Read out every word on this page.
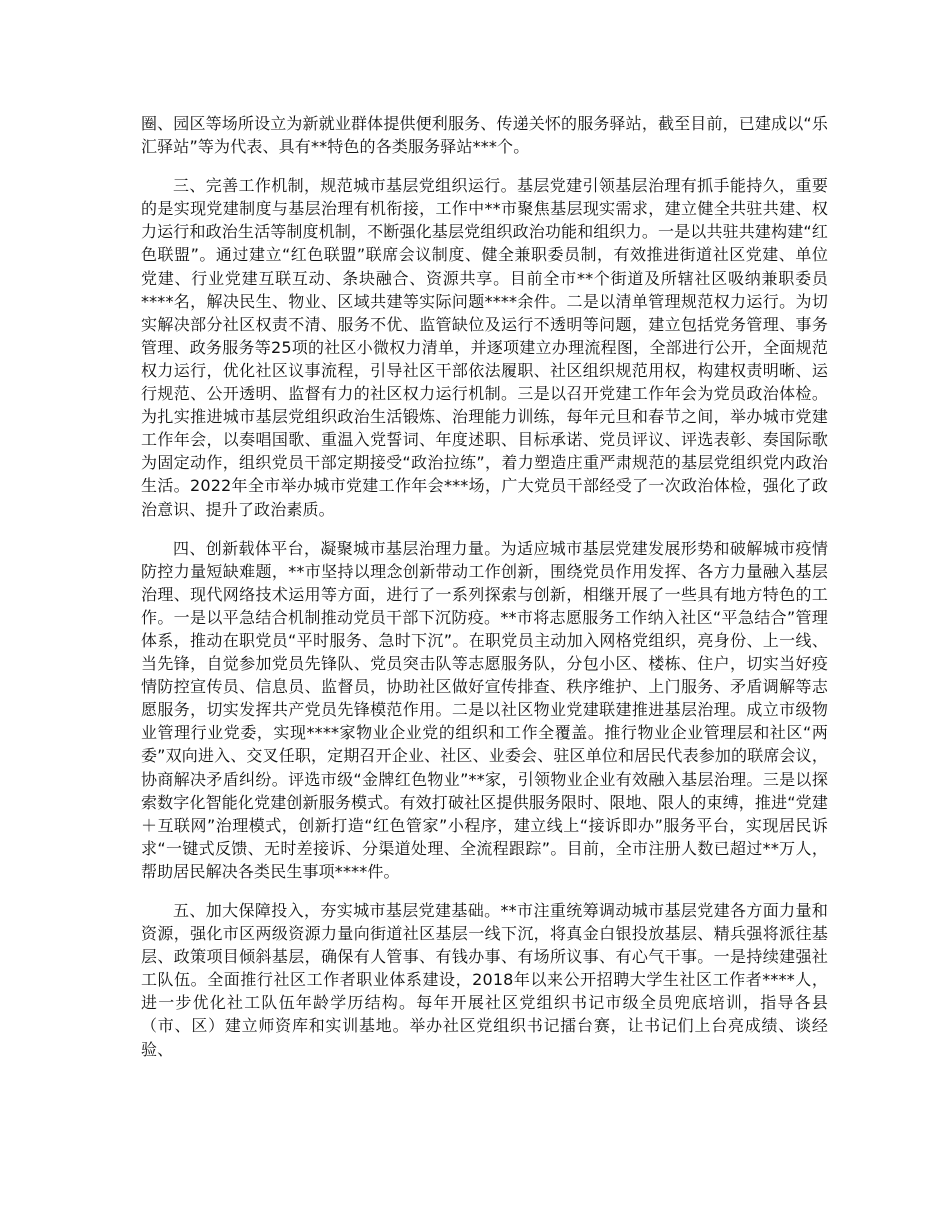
圈、园区等场所设立为新就业群体提供便利服务、传递关怀的服务驿站，截至目前，已建成以“乐汇驿站”等为代表、具有**特色的各类服务驿站***个。

三、完善工作机制，规范城市基层党组织运行。基层党建引领基层治理有抓手能持久，重要的是实现党建制度与基层治理有机衔接，工作中**市聚焦基层现实需求，建立健全共驻共建、权力运行和政治生活等制度机制，不断强化基层党组织政治功能和组织力。一是以共驻共建构建“红色联盟”。通过建立“红色联盟”联席会议制度、健全兼职委员制，有效推进街道社区党建、单位党建、行业党建互联互动、条块融合、资源共享。目前全市**个街道及所辖社区吸纳兼职委员****名，解决民生、物业、区域共建等实际问题****余件。二是以清单管理规范权力运行。为切实解决部分社区权责不清、服务不优、监管缺位及运行不透明等问题，建立包括党务管理、事务管理、政务服务等25项的社区小微权力清单，并逐项建立办理流程图，全部进行公开，全面规范权力运行，优化社区议事流程，引导社区干部依法履职、社区组织规范用权，构建权责明晰、运行规范、公开透明、监督有力的社区权力运行机制。三是以召开党建工作年会为党员政治体检。为扎实推进城市基层党组织政治生活锻炼、治理能力训练，每年元旦和春节之间，举办城市党建工作年会，以奏唱国歌、重温入党誓词、年度述职、目标承诺、党员评议、评选表彰、奏国际歌为固定动作，组织党员干部定期接受“政治拉练”，着力塑造庄重严肃规范的基层党组织党内政治生活。2022年全市举办城市党建工作年会***场，广大党员干部经受了一次政治体检，强化了政治意识、提升了政治素质。

四、创新载体平台，凝聚城市基层治理力量。为适应城市基层党建发展形势和破解城市疫情防控力量短缺难题，**市坚持以理念创新带动工作创新，围绕党员作用发挥、各方力量融入基层治理、现代网络技术运用等方面，进行了一系列探索与创新，相继开展了一些具有地方特色的工作。一是以平急结合机制推动党员干部下沉防疫。**市将志愿服务工作纳入社区“平急结合”管理体系，推动在职党员“平时服务、急时下沉”。在职党员主动加入网格党组织，亮身份、上一线、当先锋，自觉参加党员先锋队、党员突击队等志愿服务队，分包小区、楼栋、住户，切实当好疫情防控宣传员、信息员、监督员，协助社区做好宣传排查、秩序维护、上门服务、矛盾调解等志愿服务，切实发挥共产党员先锋模范作用。二是以社区物业党建联建推进基层治理。成立市级物业管理行业党委，实现****家物业企业党的组织和工作全覆盖。推行物业企业管理层和社区“两委”双向进入、交叉任职，定期召开企业、社区、业委会、驻区单位和居民代表参加的联席会议，协商解决矛盾纠纷。评选市级“金牌红色物业”**家，引领物业企业有效融入基层治理。三是以探索数字化智能化党建创新服务模式。有效打破社区提供服务限时、限地、限人的束缚，推进“党建＋互联网”治理模式，创新打造“红色管家”小程序，建立线上“接诉即办”服务平台，实现居民诉求“一键式反馈、无时差接诉、分渠道处理、全流程跟踪”。目前，全市注册人数已超过**万人，帮助居民解决各类民生事项****件。

五、加大保障投入，夯实城市基层党建基础。**市注重统筹调动城市基层党建各方面力量和资源，强化市区两级资源力量向街道社区基层一线下沉，将真金白银投放基层、精兵强将派往基层、政策项目倾斜基层，确保有人管事、有钱办事、有场所议事、有心气干事。一是持续建强社工队伍。全面推行社区工作者职业体系建设，2018年以来公开招聘大学生社区工作者****人，进一步优化社工队伍年龄学历结构。每年开展社区党组织书记市级全员兜底培训，指导各县（市、区）建立师资库和实训基地。举办社区党组织书记擂台赛，让书记们上台亮成绩、谈经验、
